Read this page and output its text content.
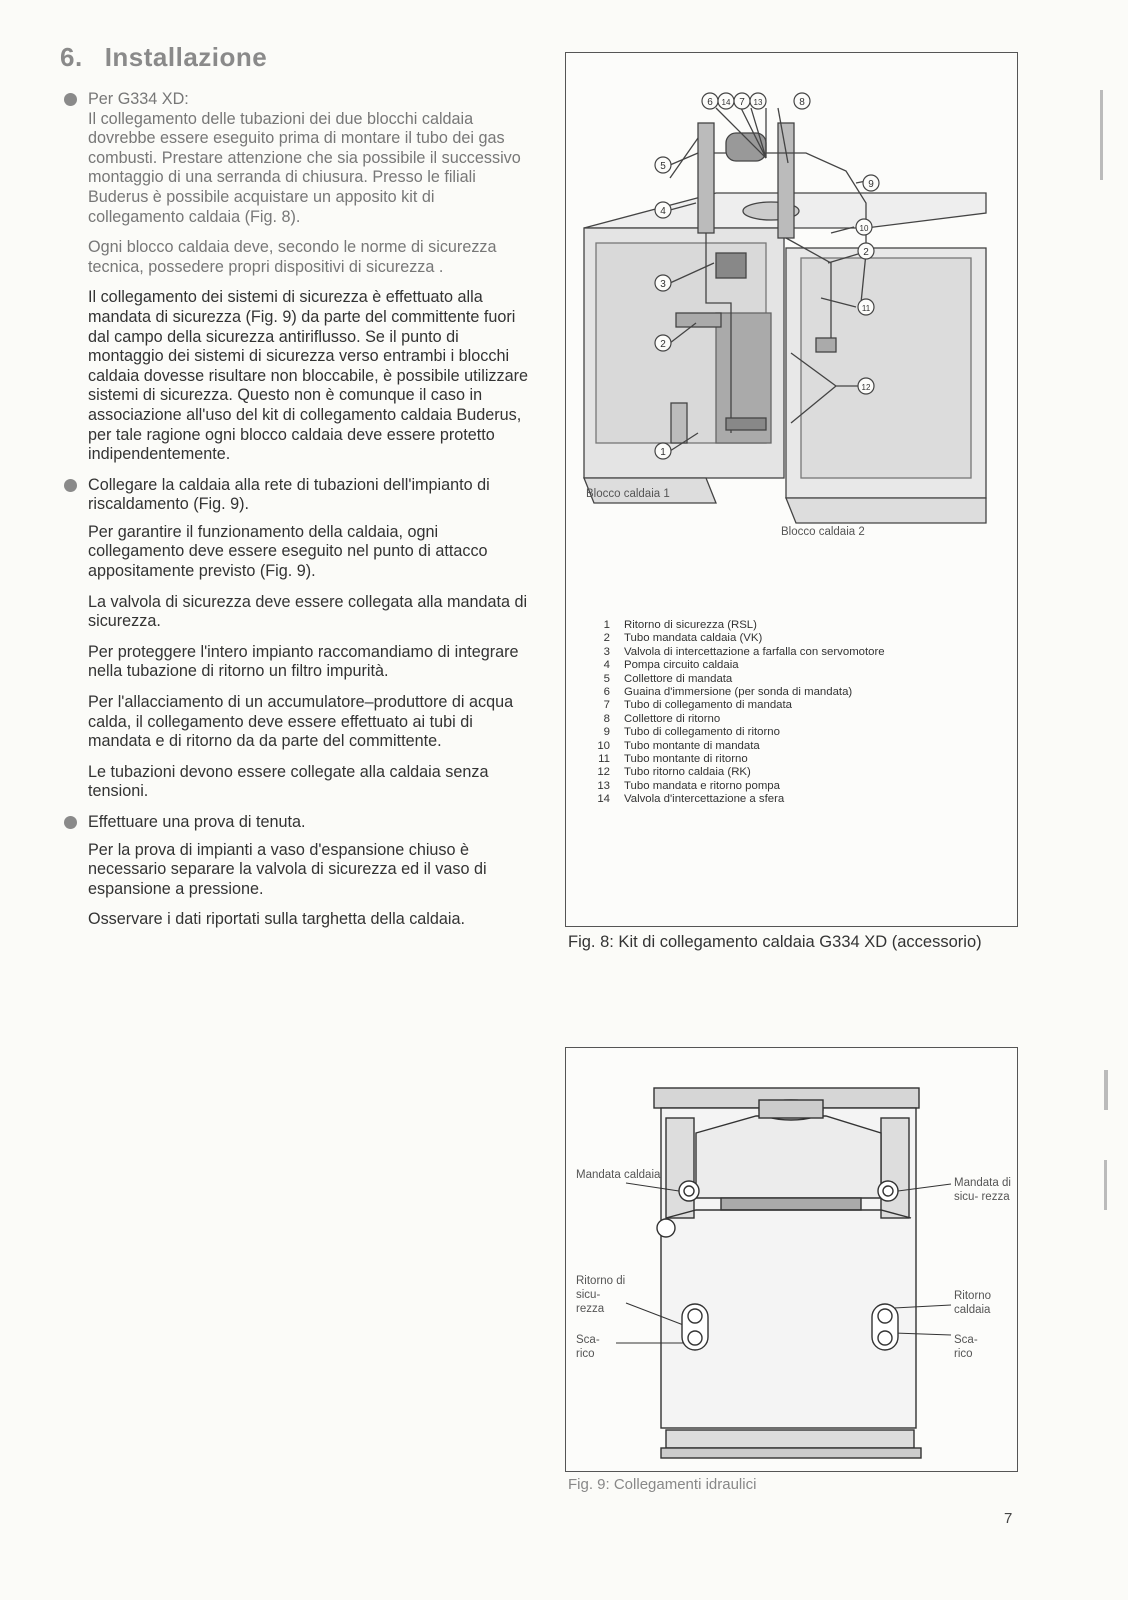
6. Installazione
Per G334 XD:

Il collegamento delle tubazioni dei due blocchi caldaia dovrebbe essere eseguito prima di montare il tubo dei gas combusti. Prestare attenzione che sia possibile il successivo montaggio di una serranda di chiusura. Presso le filiali Buderus è possibile acquistare un apposito kit di collegamento caldaia (Fig. 8).

Ogni blocco caldaia deve, secondo le norme di sicurezza tecnica, possedere propri dispositivi di sicurezza .

Il collegamento dei sistemi di sicurezza è effettuato alla mandata di sicurezza (Fig. 9) da parte del committente fuori dal campo della sicurezza antiriflusso. Se il punto di montaggio dei sistemi di sicurezza verso entrambi i blocchi caldaia dovesse risultare non bloccabile, è possibile utilizzare sistemi di sicurezza. Questo non è comunque il caso in associazione all'uso del kit di collegamento caldaia Buderus, per tale ragione ogni blocco caldaia deve essere protetto indipendentemente.

Collegare la caldaia alla rete di tubazioni dell'impianto di riscaldamento (Fig. 9).

Per garantire il funzionamento della caldaia, ogni collegamento deve essere eseguito nel punto di attacco appositamente previsto (Fig. 9).

La valvola di sicurezza deve essere collegata alla mandata di sicurezza.

Per proteggere l'intero impianto raccomandiamo di integrare nella tubazione di ritorno un filtro impurità.

Per l'allacciamento di un accumulatore–produttore di acqua calda, il collegamento deve essere effettuato ai tubi di mandata e di ritorno da da parte del committente.

Le tubazioni devono essere collegate alla caldaia senza tensioni.

Effettuare una prova di tenuta.

Per la prova di impianti a vaso d'espansione chiuso è necessario separare la valvola di sicurezza ed il vaso di espansione a pressione.

Osservare i dati riportati sulla targhetta della caldaia.

1
2
3
4
5
6 14 7 13	8
9
10
2
11
12
Blocco caldaia 1
Blocco caldaia 2
1	Ritorno di sicurezza (RSL)
2	Tubo mandata caldaia (VK)
3	Valvola di intercettazione a farfalla con servomotore
4	Pompa circuito caldaia
5	Collettore di mandata
6	Guaina d'immersione (per sonda di mandata)
7	Tubo di collegamento di mandata
8	Collettore di ritorno
9	Tubo di collegamento di ritorno
10	Tubo montante di mandata
11	Tubo montante di ritorno
12	Tubo ritorno caldaia (RK)
13	Tubo mandata e ritorno pompa
14	Valvola d'intercettazione a sfera
Fig. 8: Kit di collegamento caldaia G334 XD (accessorio)
Mandata caldaia
Mandata di sicu- rezza
Ritorno di sicu- rezza
Ritorno caldaia
Sca- rico
Sca- rico
Fig. 9: Collegamenti idraulici
7
